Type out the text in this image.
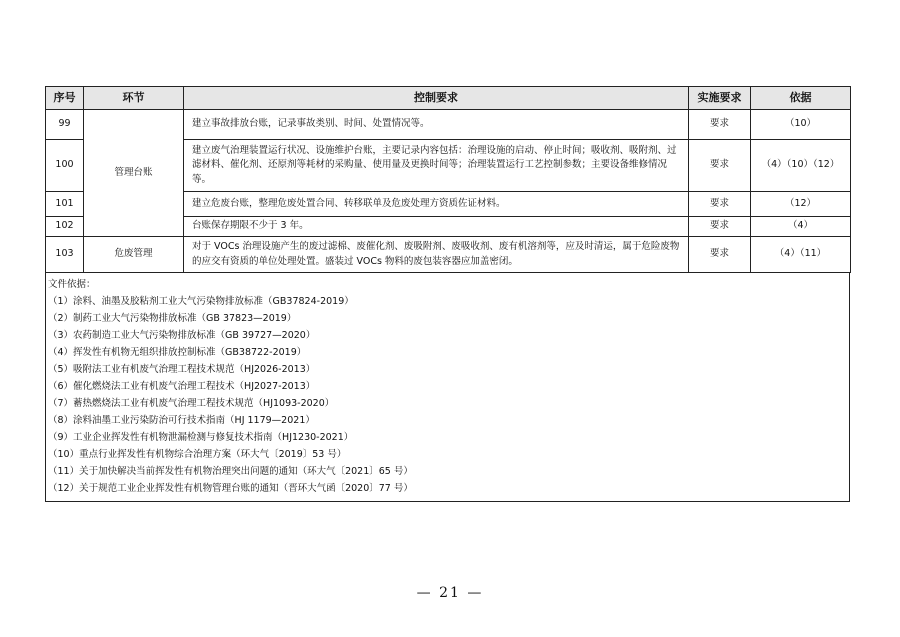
序号	环节	控制要求	实施要求	依据
99	管理台账	建立事故排放台账，记录事故类别、时间、处置情况等。	要求	（10）
100		建立废气治理装置运行状况、设施维护台账，主要记录内容包括：治理设施的启动、停止时间；吸收剂、吸附剂、过滤材料、催化剂、还原剂等耗材的采购量、使用量及更换时间等；治理装置运行工艺控制参数；主要设备维修情况等。	要求	（4）（10）（12）
101		建立危废台账，整理危废处置合同、转移联单及危废处理方资质佐证材料。	要求	（12）
102		台账保存期限不少于 3 年。	要求	（4）
103	危废管理	对于 VOCs 治理设施产生的废过滤棉、废催化剂、废吸附剂、废吸收剂、废有机溶剂等，应及时清运，属于危险废物的应交有资质的单位处理处置。盛装过 VOCs 物料的废包装容器应加盖密闭。	要求	（4）（11）
文件依据：
（1）涂料、油墨及胶粘剂工业大气污染物排放标准（GB37824-2019）
（2）制药工业大气污染物排放标准（GB 37823—2019）
（3）农药制造工业大气污染物排放标准（GB 39727—2020）
（4）挥发性有机物无组织排放控制标准（GB38722-2019）
（5）吸附法工业有机废气治理工程技术规范（HJ2026-2013）
（6）催化燃烧法工业有机废气治理工程技术（HJ2027-2013）
（7）蓄热燃烧法工业有机废气治理工程技术规范（HJ1093-2020）
（8）涂料油墨工业污染防治可行技术指南（HJ 1179—2021）
（9）工业企业挥发性有机物泄漏检测与修复技术指南（HJ1230-2021）
（10）重点行业挥发性有机物综合治理方案（环大气〔2019〕53 号）
（11）关于加快解决当前挥发性有机物治理突出问题的通知（环大气〔2021〕65 号）
（12）关于规范工业企业挥发性有机物管理台账的通知（晋环大气函〔2020〕77 号）
— 21 —
